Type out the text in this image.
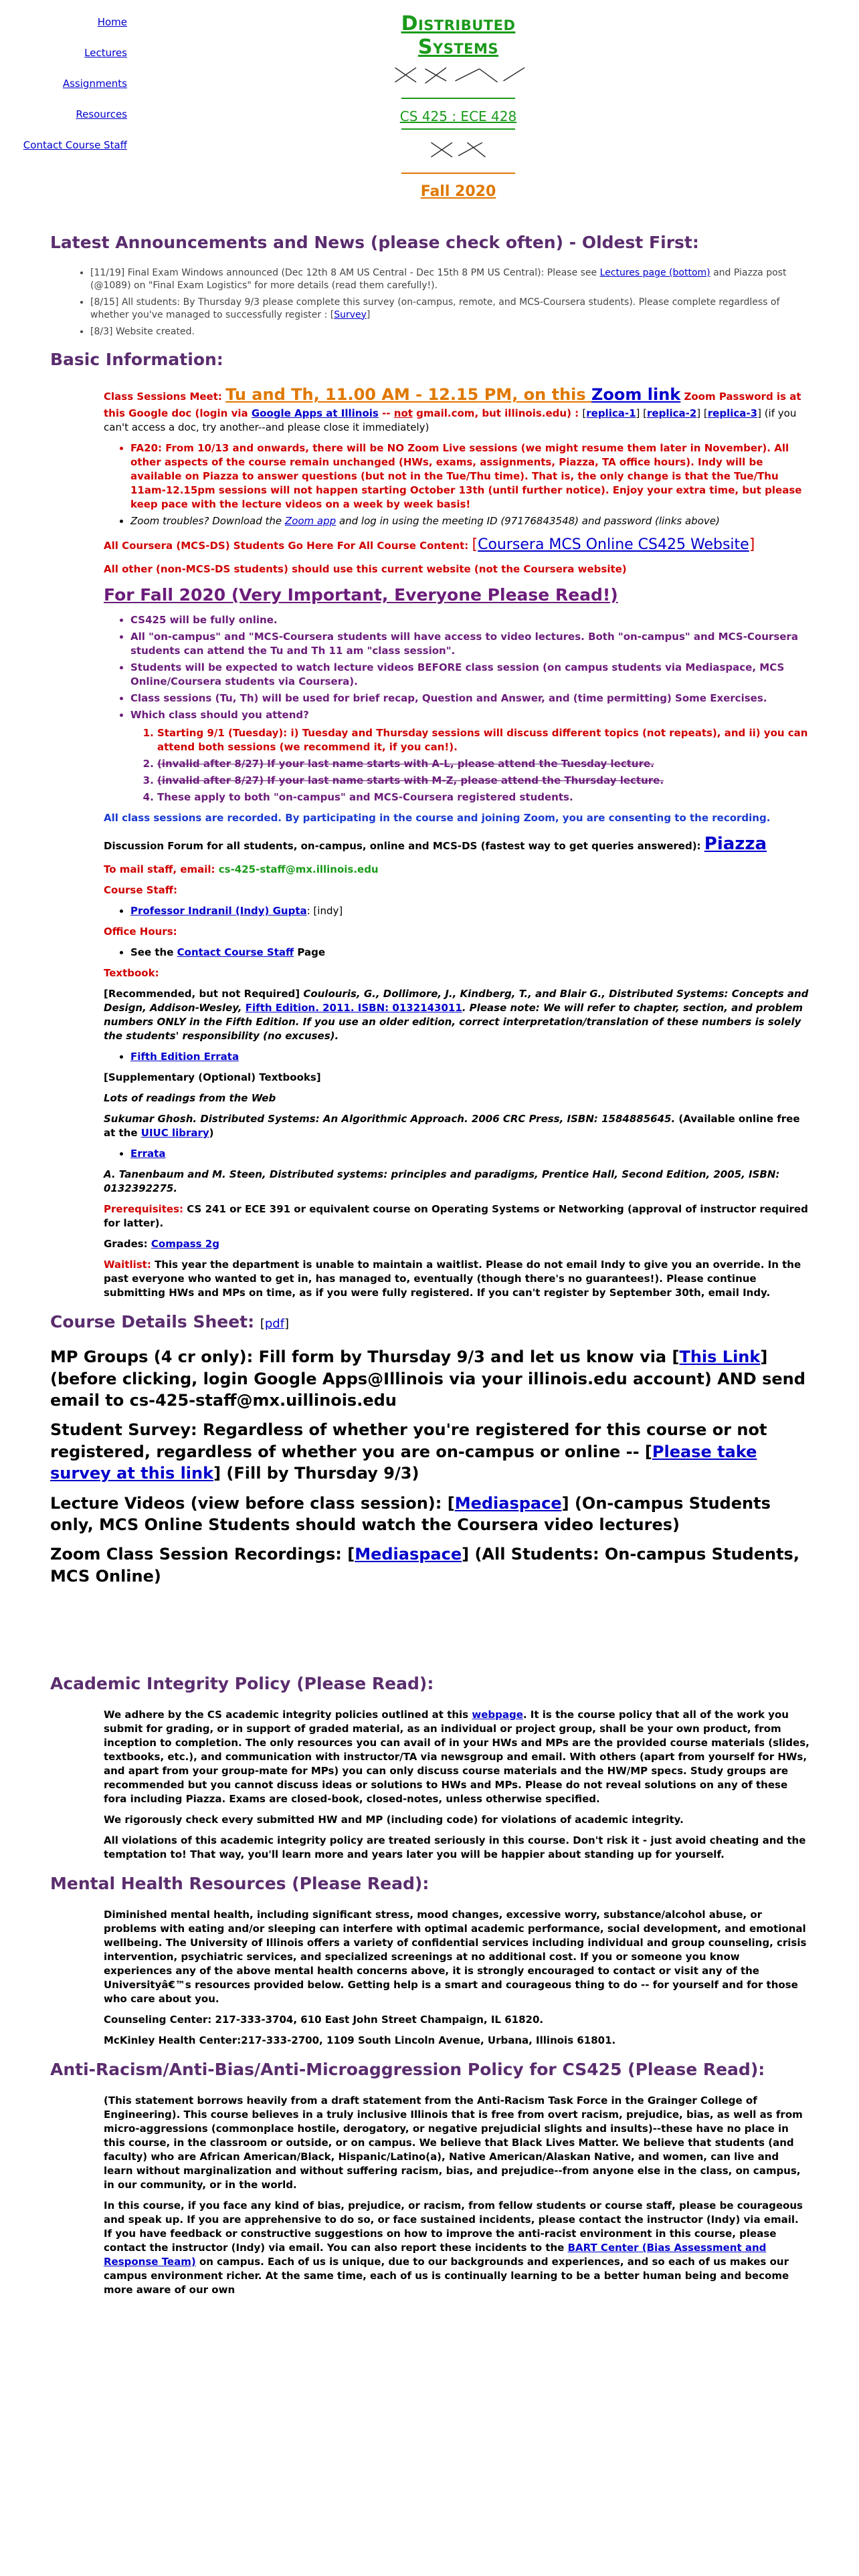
Home
Lectures
Assignments
Resources
Contact Course Staff
Distributed Systems
CS 425 : ECE 428
Fall 2020
Latest Announcements and News (please check often) - Oldest First:
• [11/19] Final Exam Windows announced (Dec 12th 8 AM US Central - Dec 15th 8 PM US Central): Please see Lectures page (bottom) and Piazza post (@1089) on "Final Exam Logistics" for more details (read them carefully!).
• [8/15] All students: By Thursday 9/3 please complete this survey (on-campus, remote, and MCS-Coursera students). Please complete regardless of whether you've managed to successfully register : [Survey]
• [8/3] Website created.
Basic Information:

Class Sessions Meet: Tu and Th, 11.00 AM - 12.15 PM, on this Zoom link Zoom Password is at this Google doc (login via Google Apps at Illinois -- not gmail.com, but illinois.edu) : [replica-1] [replica-2] [replica-3] (if you can't access a doc, try another--and please close it immediately)

• FA20: From 10/13 and onwards, there will be NO Zoom Live sessions (we might resume them later in November). All other aspects of the course remain unchanged (HWs, exams, assignments, Piazza, TA office hours). Indy will be available on Piazza to answer questions (but not in the Tue/Thu time). That is, the only change is that the Tue/Thu 11am-12.15pm sessions will not happen starting October 13th (until further notice). Enjoy your extra time, but please keep pace with the lecture videos on a week by week basis!
• Zoom troubles? Download the Zoom app and log in using the meeting ID (97176843548) and password (links above)

All Coursera (MCS-DS) Students Go Here For All Course Content: [Coursera MCS Online CS425 Website]

All other (non-MCS-DS students) should use this current website (not the Coursera website)

For Fall 2020 (Very Important, Everyone Please Read!)

• CS425 will be fully online.
• All "on-campus" and "MCS-Coursera students will have access to video lectures. Both "on-campus" and MCS-Coursera students can attend the Tu and Th 11 am "class session".
• Students will be expected to watch lecture videos BEFORE class session (on campus students via Mediaspace, MCS Online/Coursera students via Coursera).
• Class sessions (Tu, Th) will be used for brief recap, Question and Answer, and (time permitting) Some Exercises.
• Which class should you attend?
1. Starting 9/1 (Tuesday): i) Tuesday and Thursday sessions will discuss different topics (not repeats), and ii) you can attend both sessions (we recommend it, if you can!).
2. (invalid after 8/27) If your last name starts with A-L, please attend the Tuesday lecture.
3. (invalid after 8/27) If your last name starts with M-Z, please attend the Thursday lecture.
4. These apply to both "on-campus" and MCS-Coursera registered students.

All class sessions are recorded. By participating in the course and joining Zoom, you are consenting to the recording.

Discussion Forum for all students, on-campus, online and MCS-DS (fastest way to get queries answered): Piazza

To mail staff, email: cs-425-staff@mx.illinois.edu

Course Staff:

• Professor Indranil (Indy) Gupta: [indy]

Office Hours:

• See the Contact Course Staff Page

Textbook:

[Recommended, but not Required] Coulouris, G., Dollimore, J., Kindberg, T., and Blair G., Distributed Systems: Concepts and Design, Addison-Wesley, Fifth Edition. 2011. ISBN: 0132143011. Please note: We will refer to chapter, section, and problem numbers ONLY in the Fifth Edition. If you use an older edition, correct interpretation/translation of these numbers is solely the students' responsibility (no excuses).

• Fifth Edition Errata

[Supplementary (Optional) Textbooks]

Lots of readings from the Web

Sukumar Ghosh. Distributed Systems: An Algorithmic Approach. 2006 CRC Press, ISBN: 1584885645. (Available online free at the UIUC library)

• Errata

A. Tanenbaum and M. Steen, Distributed systems: principles and paradigms, Prentice Hall, Second Edition, 2005, ISBN: 0132392275.

Prerequisites: CS 241 or ECE 391 or equivalent course on Operating Systems or Networking (approval of instructor required for latter).

Grades: Compass 2g

Waitlist: This year the department is unable to maintain a waitlist. Please do not email Indy to give you an override. In the past everyone who wanted to get in, has managed to, eventually (though there's no guarantees!). Please continue submitting HWs and MPs on time, as if you were fully registered. If you can't register by September 30th, email Indy.

Course Details Sheet: [pdf]
MP Groups (4 cr only): Fill form by Thursday 9/3 and let us know via [This Link] (before clicking, login Google Apps@Illinois via your illinois.edu account) AND send email to cs-425-staff@mx.uillinois.edu
Student Survey: Regardless of whether you're registered for this course or not registered, regardless of whether you are on-campus or online -- [Please take survey at this link] (Fill by Thursday 9/3)
Lecture Videos (view before class session): [Mediaspace] (On-campus Students only, MCS Online Students should watch the Coursera video lectures)
Zoom Class Session Recordings: [Mediaspace] (All Students: On-campus Students, MCS Online)
Academic Integrity Policy (Please Read):

We adhere by the CS academic integrity policies outlined at this webpage. It is the course policy that all of the work you submit for grading, or in support of graded material, as an individual or project group, shall be your own product, from inception to completion. The only resources you can avail of in your HWs and MPs are the provided course materials (slides, textbooks, etc.), and communication with instructor/TA via newsgroup and email. With others (apart from yourself for HWs, and apart from your group-mate for MPs) you can only discuss course materials and the HW/MP specs. Study groups are recommended but you cannot discuss ideas or solutions to HWs and MPs. Please do not reveal solutions on any of these fora including Piazza. Exams are closed-book, closed-notes, unless otherwise specified.

We rigorously check every submitted HW and MP (including code) for violations of academic integrity.

All violations of this academic integrity policy are treated seriously in this course. Don't risk it - just avoid cheating and the temptation to! That way, you'll learn more and years later you will be happier about standing up for yourself.

Mental Health Resources (Please Read):

Diminished mental health, including significant stress, mood changes, excessive worry, substance/alcohol abuse, or problems with eating and/or sleeping can interfere with optimal academic performance, social development, and emotional wellbeing. The University of Illinois offers a variety of confidential services including individual and group counseling, crisis intervention, psychiatric services, and specialized screenings at no additional cost. If you or someone you know experiences any of the above mental health concerns above, it is strongly encouraged to contact or visit any of the Universityâ€™s resources provided below. Getting help is a smart and courageous thing to do -- for yourself and for those who care about you.

Counseling Center: 217-333-3704, 610 East John Street Champaign, IL 61820.

McKinley Health Center:217-333-2700, 1109 South Lincoln Avenue, Urbana, Illinois 61801.

Anti-Racism/Anti-Bias/Anti-Microaggression Policy for CS425 (Please Read):

(This statement borrows heavily from a draft statement from the Anti-Racism Task Force in the Grainger College of Engineering). This course believes in a truly inclusive Illinois that is free from overt racism, prejudice, bias, as well as from micro-aggressions (commonplace hostile, derogatory, or negative prejudicial slights and insults)--these have no place in this course, in the classroom or outside, or on campus. We believe that Black Lives Matter. We believe that students (and faculty) who are African American/Black, Hispanic/Latino(a), Native American/Alaskan Native, and women, can live and learn without marginalization and without suffering racism, bias, and prejudice--from anyone else in the class, on campus, in our community, or in the world.

In this course, if you face any kind of bias, prejudice, or racism, from fellow students or course staff, please be courageous and speak up. If you are apprehensive to do so, or face sustained incidents, please contact the instructor (Indy) via email. If you have feedback or constructive suggestions on how to improve the anti-racist environment in this course, please contact the instructor (Indy) via email. You can also report these incidents to the BART Center (Bias Assessment and Response Team) on campus. Each of us is unique, due to our backgrounds and experiences, and so each of us makes our campus environment richer. At the same time, each of us is continually learning to be a better human being and become more aware of our own
